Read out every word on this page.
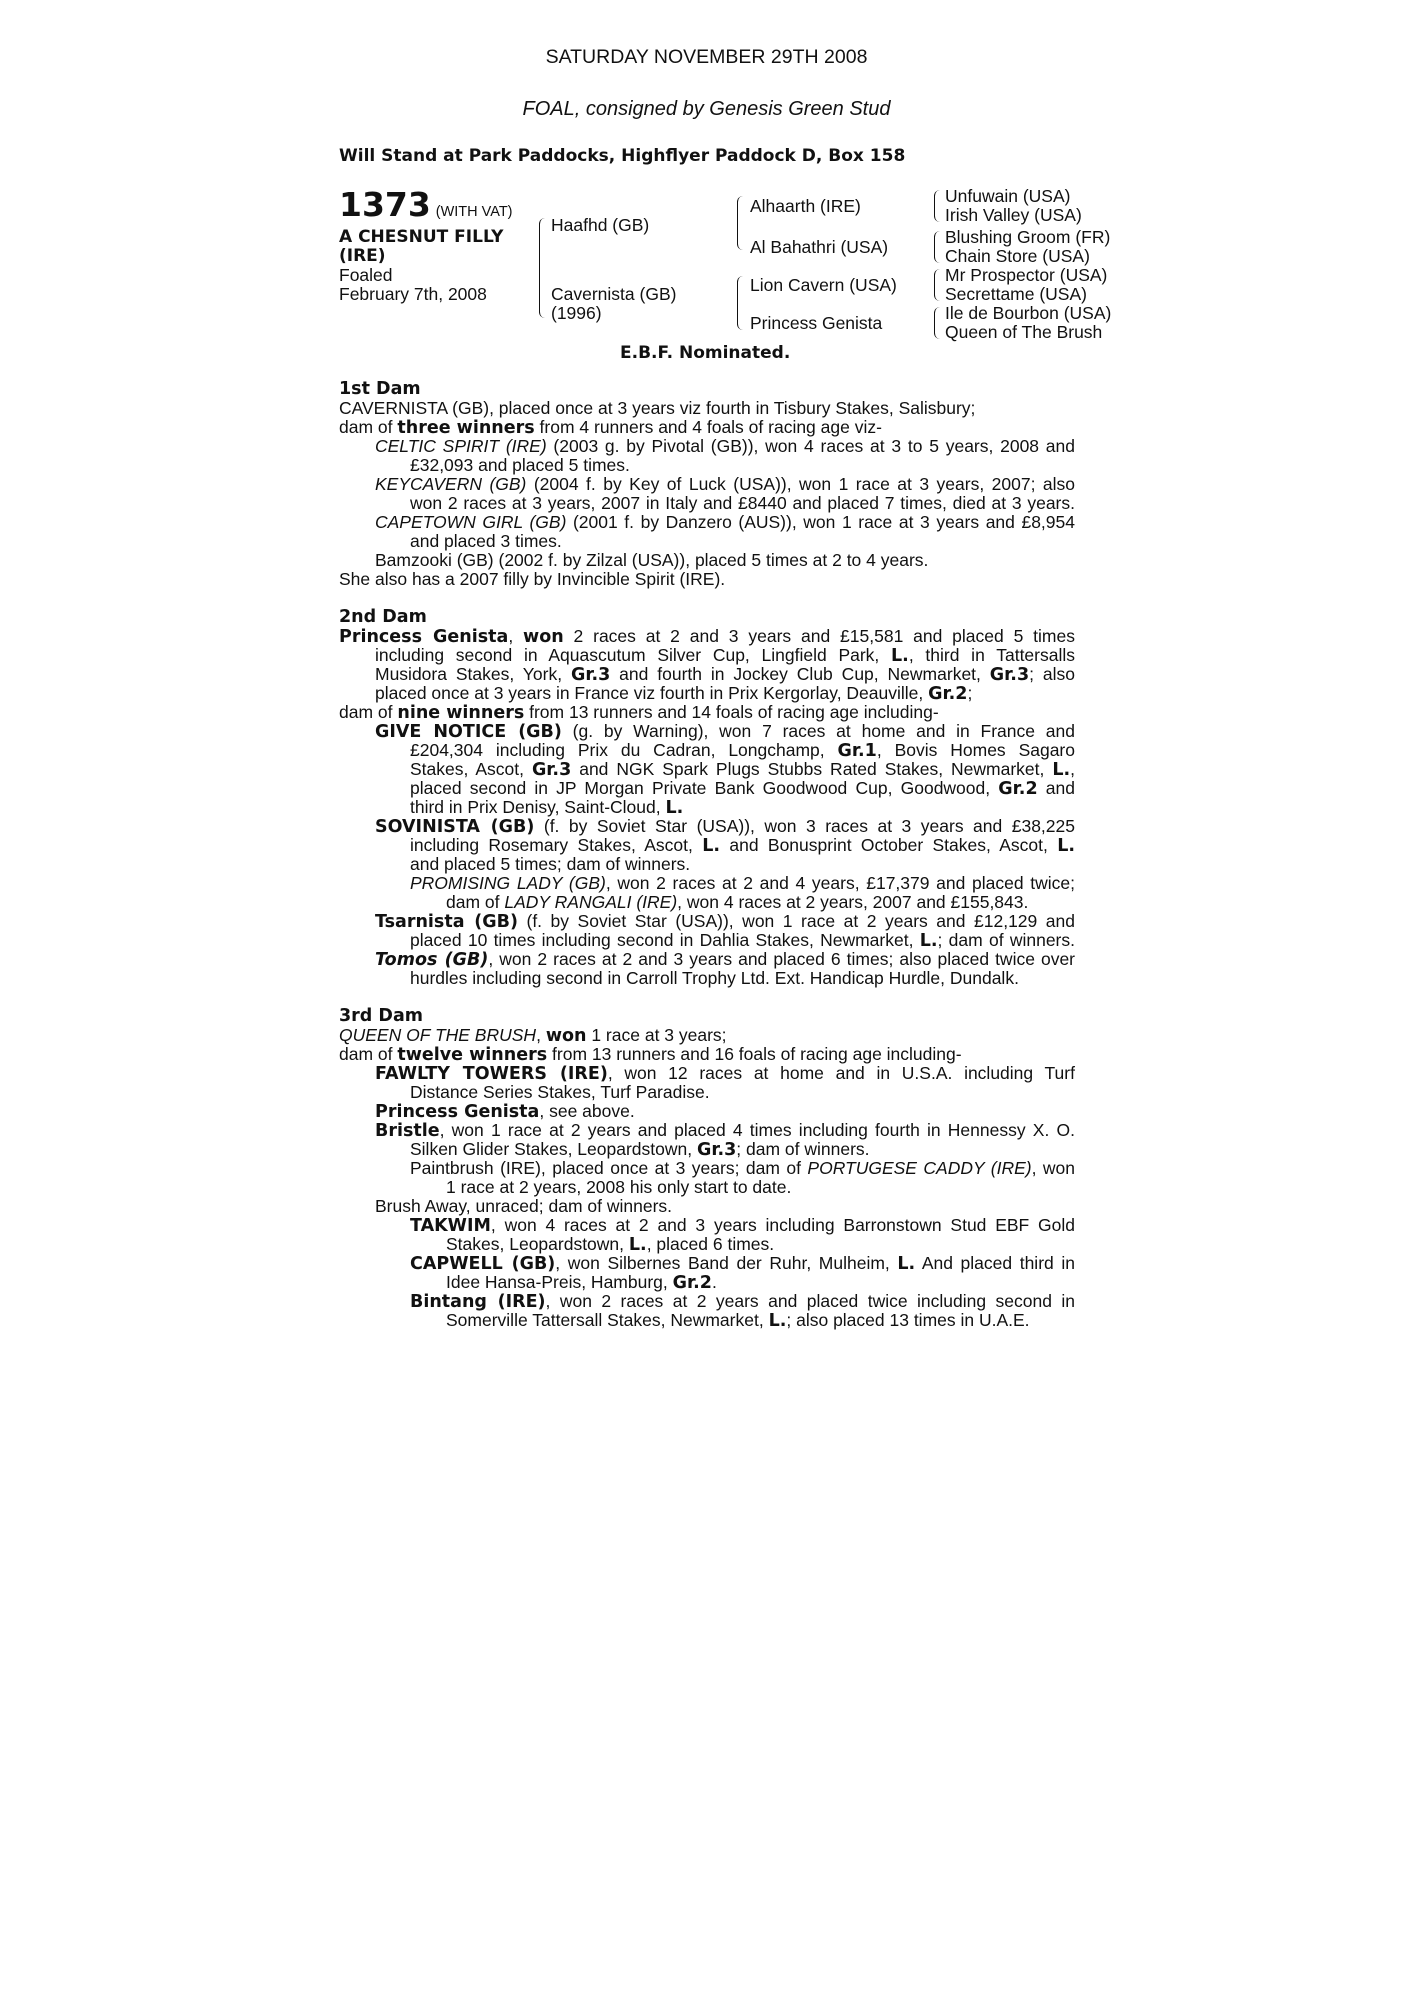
SATURDAY NOVEMBER 29TH 2008
FOAL, consigned by Genesis Green Stud
Will Stand at Park Paddocks, Highflyer Paddock D, Box 158
1373 (WITH VAT)
A CHESNUT FILLY
(IRE)
Foaled
February 7th, 2008
Haafhd (GB)
Cavernista (GB)
(1996)
Alhaarth (IRE)
Al Bahathri (USA)
Lion Cavern (USA)
Princess Genista
Unfuwain (USA)
Irish Valley (USA)
Blushing Groom (FR)
Chain Store (USA)
Mr Prospector (USA)
Secrettame (USA)
Ile de Bourbon (USA)
Queen of The Brush
E.B.F. Nominated.
1st Dam
CAVERNISTA (GB), placed once at 3 years viz fourth in Tisbury Stakes, Salisbury;
dam of three winners from 4 runners and 4 foals of racing age viz-
CELTIC SPIRIT (IRE) (2003 g. by Pivotal (GB)), won 4 races at 3 to 5 years, 2008 and
£32,093 and placed 5 times.
KEYCAVERN (GB) (2004 f. by Key of Luck (USA)), won 1 race at 3 years, 2007; also
won 2 races at 3 years, 2007 in Italy and £8440 and placed 7 times, died at 3 years.
CAPETOWN GIRL (GB) (2001 f. by Danzero (AUS)), won 1 race at 3 years and £8,954
and placed 3 times.
Bamzooki (GB) (2002 f. by Zilzal (USA)), placed 5 times at 2 to 4 years.
She also has a 2007 filly by Invincible Spirit (IRE).
2nd Dam
Princess Genista, won 2 races at 2 and 3 years and £15,581 and placed 5 times
including second in Aquascutum Silver Cup, Lingfield Park, L., third in Tattersalls
Musidora Stakes, York, Gr.3 and fourth in Jockey Club Cup, Newmarket, Gr.3; also
placed once at 3 years in France viz fourth in Prix Kergorlay, Deauville, Gr.2;
dam of nine winners from 13 runners and 14 foals of racing age including-
GIVE NOTICE (GB) (g. by Warning), won 7 races at home and in France and
£204,304 including Prix du Cadran, Longchamp, Gr.1, Bovis Homes Sagaro
Stakes, Ascot, Gr.3 and NGK Spark Plugs Stubbs Rated Stakes, Newmarket, L.,
placed second in JP Morgan Private Bank Goodwood Cup, Goodwood, Gr.2 and
third in Prix Denisy, Saint-Cloud, L.
SOVINISTA (GB) (f. by Soviet Star (USA)), won 3 races at 3 years and £38,225
including Rosemary Stakes, Ascot, L. and Bonusprint October Stakes, Ascot, L.
and placed 5 times; dam of winners.
PROMISING LADY (GB), won 2 races at 2 and 4 years, £17,379 and placed twice;
dam of LADY RANGALI (IRE), won 4 races at 2 years, 2007 and £155,843.
Tsarnista (GB) (f. by Soviet Star (USA)), won 1 race at 2 years and £12,129 and
placed 10 times including second in Dahlia Stakes, Newmarket, L.; dam of winners.
Tomos (GB), won 2 races at 2 and 3 years and placed 6 times; also placed twice over
hurdles including second in Carroll Trophy Ltd. Ext. Handicap Hurdle, Dundalk.
3rd Dam
QUEEN OF THE BRUSH, won 1 race at 3 years;
dam of twelve winners from 13 runners and 16 foals of racing age including-
FAWLTY TOWERS (IRE), won 12 races at home and in U.S.A. including Turf
Distance Series Stakes, Turf Paradise.
Princess Genista, see above.
Bristle, won 1 race at 2 years and placed 4 times including fourth in Hennessy X. O.
Silken Glider Stakes, Leopardstown, Gr.3; dam of winners.
Paintbrush (IRE), placed once at 3 years; dam of PORTUGESE CADDY (IRE), won
1 race at 2 years, 2008 his only start to date.
Brush Away, unraced; dam of winners.
TAKWIM, won 4 races at 2 and 3 years including Barronstown Stud EBF Gold
Stakes, Leopardstown, L., placed 6 times.
CAPWELL (GB), won Silbernes Band der Ruhr, Mulheim, L. And placed third in
Idee Hansa-Preis, Hamburg, Gr.2.
Bintang (IRE), won 2 races at 2 years and placed twice including second in
Somerville Tattersall Stakes, Newmarket, L.; also placed 13 times in U.A.E.
